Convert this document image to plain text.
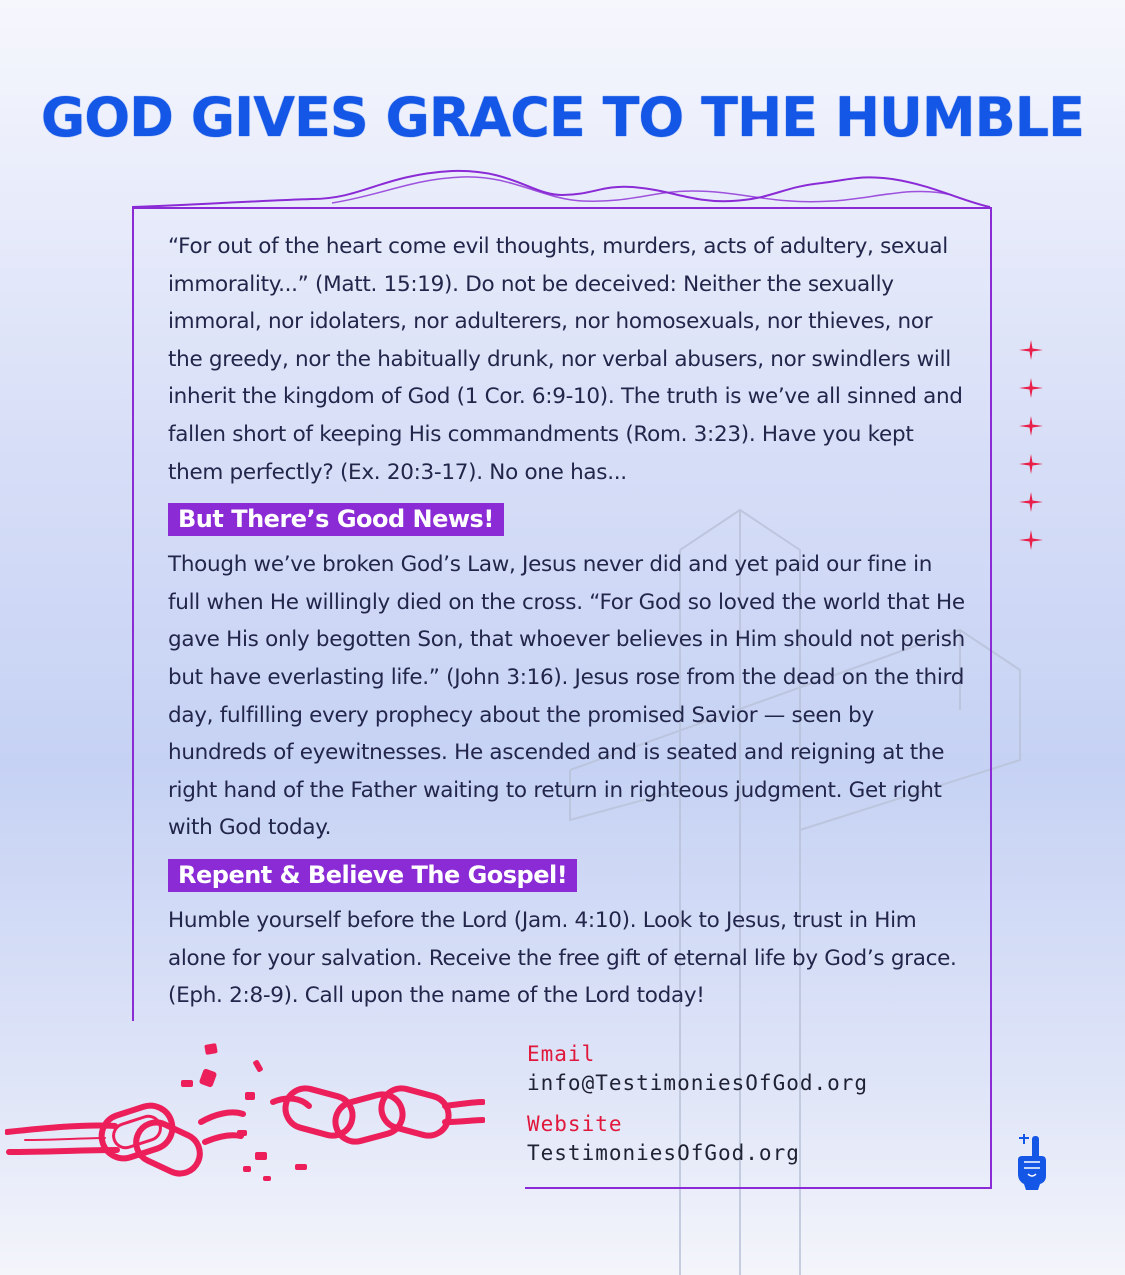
GOD GIVES GRACE TO THE HUMBLE

“For out of the heart come evil thoughts, murders, acts of adultery, sexual immorality...” (Matt. 15:19). Do not be deceived: Neither the sexually immoral, nor idolaters, nor adulterers, nor homosexuals, nor thieves, nor the greedy, nor the habitually drunk, nor verbal abusers, nor swindlers will inherit the kingdom of God (1 Cor. 6:9-10). The truth is we’ve all sinned and fallen short of keeping His commandments (Rom. 3:23). Have you kept them perfectly? (Ex. 20:3-17). No one has...

But There’s Good News!

Though we’ve broken God’s Law, Jesus never did and yet paid our fine in full when He willingly died on the cross. “For God so loved the world that He gave His only begotten Son, that whoever believes in Him should not perish but have everlasting life.” (John 3:16). Jesus rose from the dead on the third day, fulfilling every prophecy about the promised Savior — seen by hundreds of eyewitnesses. He ascended and is seated and reigning at the right hand of the Father waiting to return in righteous judgment. Get right with God today.

Repent & Believe The Gospel!

Humble yourself before the Lord (Jam. 4:10). Look to Jesus, trust in Him alone for your salvation. Receive the free gift of eternal life by God’s grace. (Eph. 2:8-9). Call upon the name of the Lord today!

Email

info@TestimoniesOfGod.org

Website

TestimoniesOfGod.org
